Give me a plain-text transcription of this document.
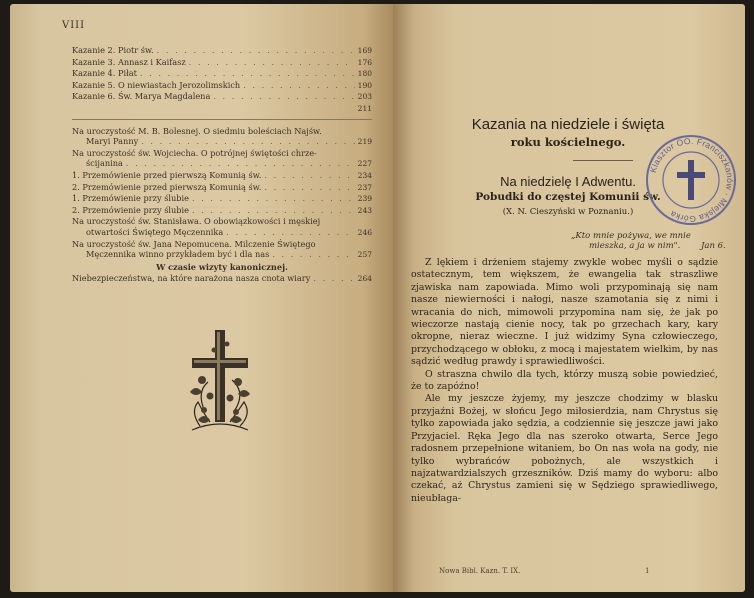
VIII
Kazanie 2. Piotr św. . . .	169
Kazanie 3. Annasz i Kaifasz . . .	176
Kazanie 4. Piłat . . .	180
Kazanie 5. O niewiastach Jerozolimskich . . .	190
Kazanie 6. Św. Marya Magdalena . . .	203
211
Na uroczystość M. B. Bolesnej. O siedmiu boleściach Najśw.
Maryi Panny . . .	219
Na uroczystość św. Wojciecha. O potrójnej świętości chrze-
ścijanina . . .	227
1. Przemówienie przed pierwszą Komunią św. . . .	234
2. Przemówienie przed pierwszą Komunią św. . . .	237
1. Przemówienie przy ślubie . . .	239
2. Przemówienie przy ślubie . . .	243
Na uroczystość św. Stanisława. O obowiązkowości i męskiej
otwartości Świętego Męczennika . . .	246
Na uroczystość św. Jana Nepomucena. Milczenie Świętego
Męczennika winno przykładem być i dla nas . . .	257
W czasie wizyty kanonicznej.
Niebezpieczeństwa, na które narażona nasza cnota wiary . . .	264
Kazania na niedziele i święta
roku kościelnego.
Na niedzielę I Adwentu.
Pobudki do częstej Komunii św.
(X. N. Cieszyński w Poznaniu.)
„Kto mnie pożywa, we mnie
mieszka, a ja w nim". Jan 6.

Z lękiem i drżeniem stajemy zwykle wobec myśli o sądzie ostatecznym, tem większem, że ewangelia tak straszliwe zjawiska nam zapowiada. Mimo woli przypominają się nam nasze niewierności i nałogi, nasze szamotania się z nimi i wracania do nich, mimowoli przypomina nam się, że jak po wieczorze nastają cienie nocy, tak po grzechach kary, kary okropne, nieraz wieczne. I już widzimy Syna człowieczego, przychodzącego w obłoku, z mocą i majestatem wielkim, by nas sądzić według prawdy i sprawiedliwości.

O straszna chwilo dla tych, którzy muszą sobie powiedzieć, że to zapóźno!

Ale my jeszcze żyjemy, my jeszcze chodzimy w blasku przyjaźni Bożej, w słońcu Jego miłosierdzia, nam Chrystus się tylko zapowiada jako sędzia, a codziennie się jeszcze jawi jako Przyjaciel. Ręka Jego dla nas szeroko otwarta, Serce Jego radosnem przepełnione witaniem, bo On nas woła na gody, nie tylko wybrańców pobożnych, ale wszystkich i najzatwardzialszych grzeszników. Dziś mamy do wyboru: albo czekać, aż Chrystus zamieni się w Sędziego sprawiedliwego, nieubłaga-

Nowa Bibl. Kazn. T. IX.	1
Klasztor OO. Franciszkanów · Miejska Górka
